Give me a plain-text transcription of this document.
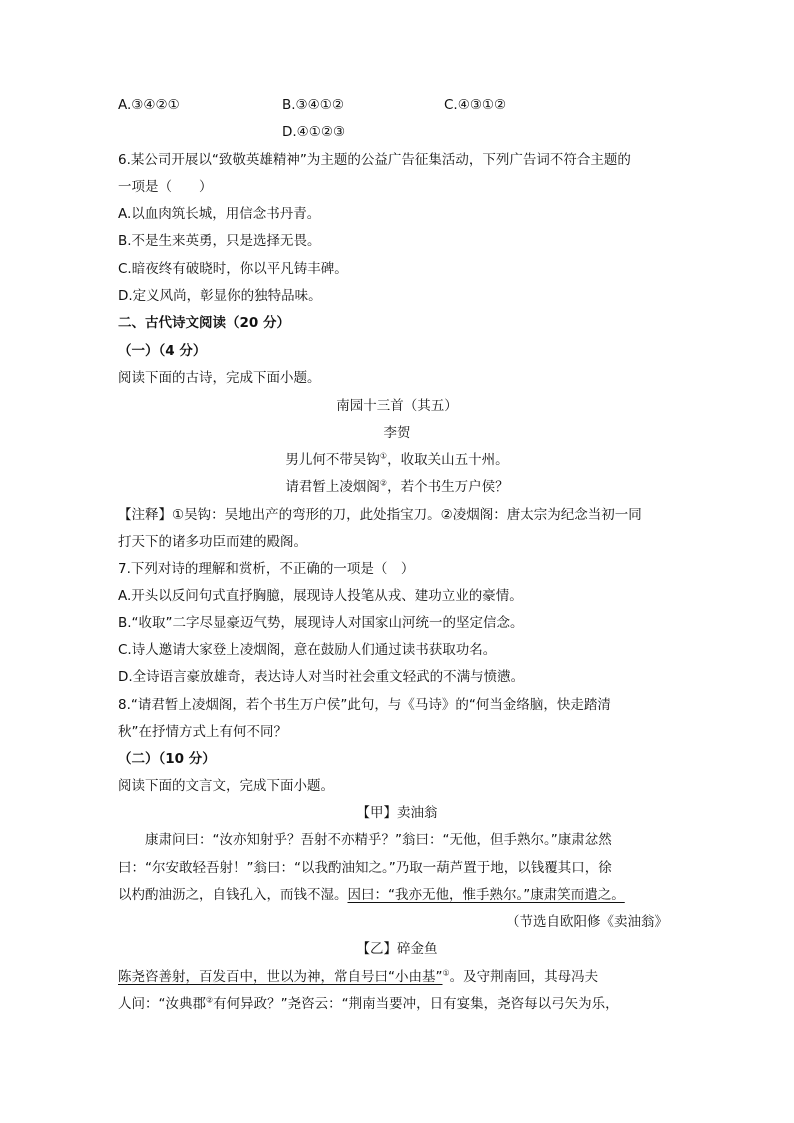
A.③④②①	B.③④①②	C.④③①②
D.④①②③
6.某公司开展以“致敬英雄精神”为主题的公益广告征集活动，下列广告词不符合主题的
一项是（　　）
A.以血肉筑长城，用信念书丹青。
B.不是生来英勇，只是选择无畏。
C.暗夜终有破晓时，你以平凡铸丰碑。
D.定义风尚，彰显你的独特品味。
二、古代诗文阅读（20 分）
（一）（4 分）
阅读下面的古诗，完成下面小题。
南园十三首（其五）
李贺
男儿何不带吴钩①，收取关山五十州。
请君暂上凌烟阁②，若个书生万户侯？
【注释】①吴钩：吴地出产的弯形的刀，此处指宝刀。②凌烟阁：唐太宗为纪念当初一同
打天下的诸多功臣而建的殿阁。
7.下列对诗的理解和赏析，不正确的一项是（　）
A.开头以反问句式直抒胸臆，展现诗人投笔从戎、建功立业的豪情。
B.“收取”二字尽显豪迈气势，展现诗人对国家山河统一的坚定信念。
C.诗人邀请大家登上凌烟阁，意在鼓励人们通过读书获取功名。
D.全诗语言豪放雄奇，表达诗人对当时社会重文轻武的不满与愤懑。
8.“请君暂上凌烟阁，若个书生万户侯”此句，与《马诗》的“何当金络脑，快走踏清
秋”在抒情方式上有何不同？
（二）（10 分）
阅读下面的文言文，完成下面小题。
【甲】卖油翁
　　康肃问曰：“汝亦知射乎？吾射不亦精乎？”翁曰：“无他，但手熟尔。”康肃忿然
曰：“尔安敢轻吾射！”翁曰：“以我酌油知之。”乃取一葫芦置于地，以钱覆其口，徐
以杓酌油沥之，自钱孔入，而钱不湿。因曰：“我亦无他，惟手熟尔。”康肃笑而遣之。
（节选自欧阳修《卖油翁》
【乙】碎金鱼
陈尧咨善射，百发百中，世以为神，常自号曰“小由基”①。及守荆南回，其母冯夫
人问：“汝典郡②有何异政？”尧咨云：“荆南当要冲，日有宴集，尧咨每以弓矢为乐，
